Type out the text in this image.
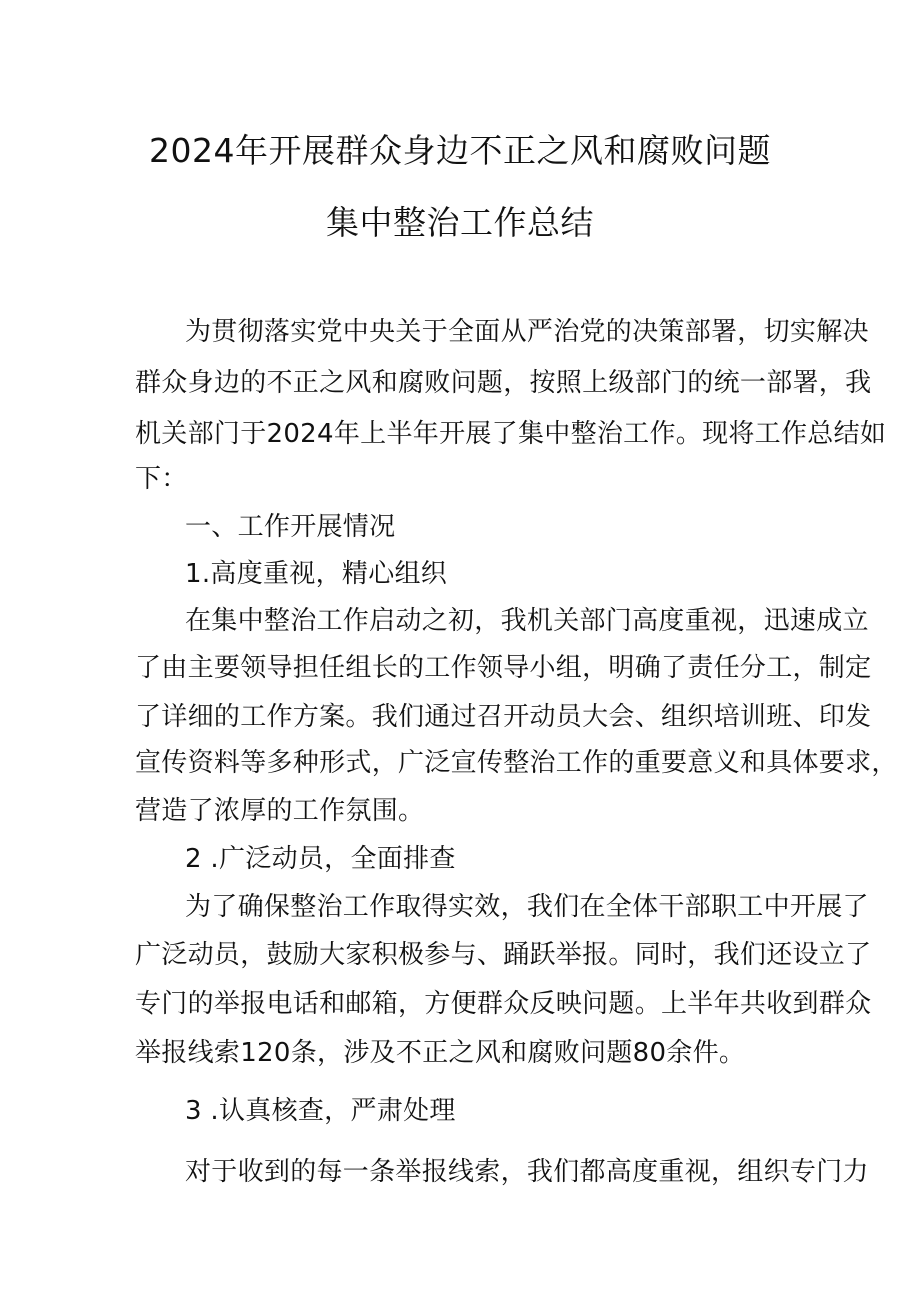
2024年开展群众身边不正之风和腐败问题
集中整治工作总结
为贯彻落实党中央关于全面从严治党的决策部署，切实解决
群众身边的不正之风和腐败问题，按照上级部门的统一部署，我
机关部门于2024年上半年开展了集中整治工作。现将工作总结如
下：
一、工作开展情况
1.高度重视，精心组织
在集中整治工作启动之初，我机关部门高度重视，迅速成立
了由主要领导担任组长的工作领导小组，明确了责任分工，制定
了详细的工作方案。我们通过召开动员大会、组织培训班、印发
宣传资料等多种形式，广泛宣传整治工作的重要意义和具体要求，
营造了浓厚的工作氛围。
2 .广泛动员，全面排查
为了确保整治工作取得实效，我们在全体干部职工中开展了
广泛动员，鼓励大家积极参与、踊跃举报。同时，我们还设立了
专门的举报电话和邮箱，方便群众反映问题。上半年共收到群众
举报线索120条，涉及不正之风和腐败问题80余件。
3 .认真核查，严肃处理
对于收到的每一条举报线索，我们都高度重视，组织专门力
